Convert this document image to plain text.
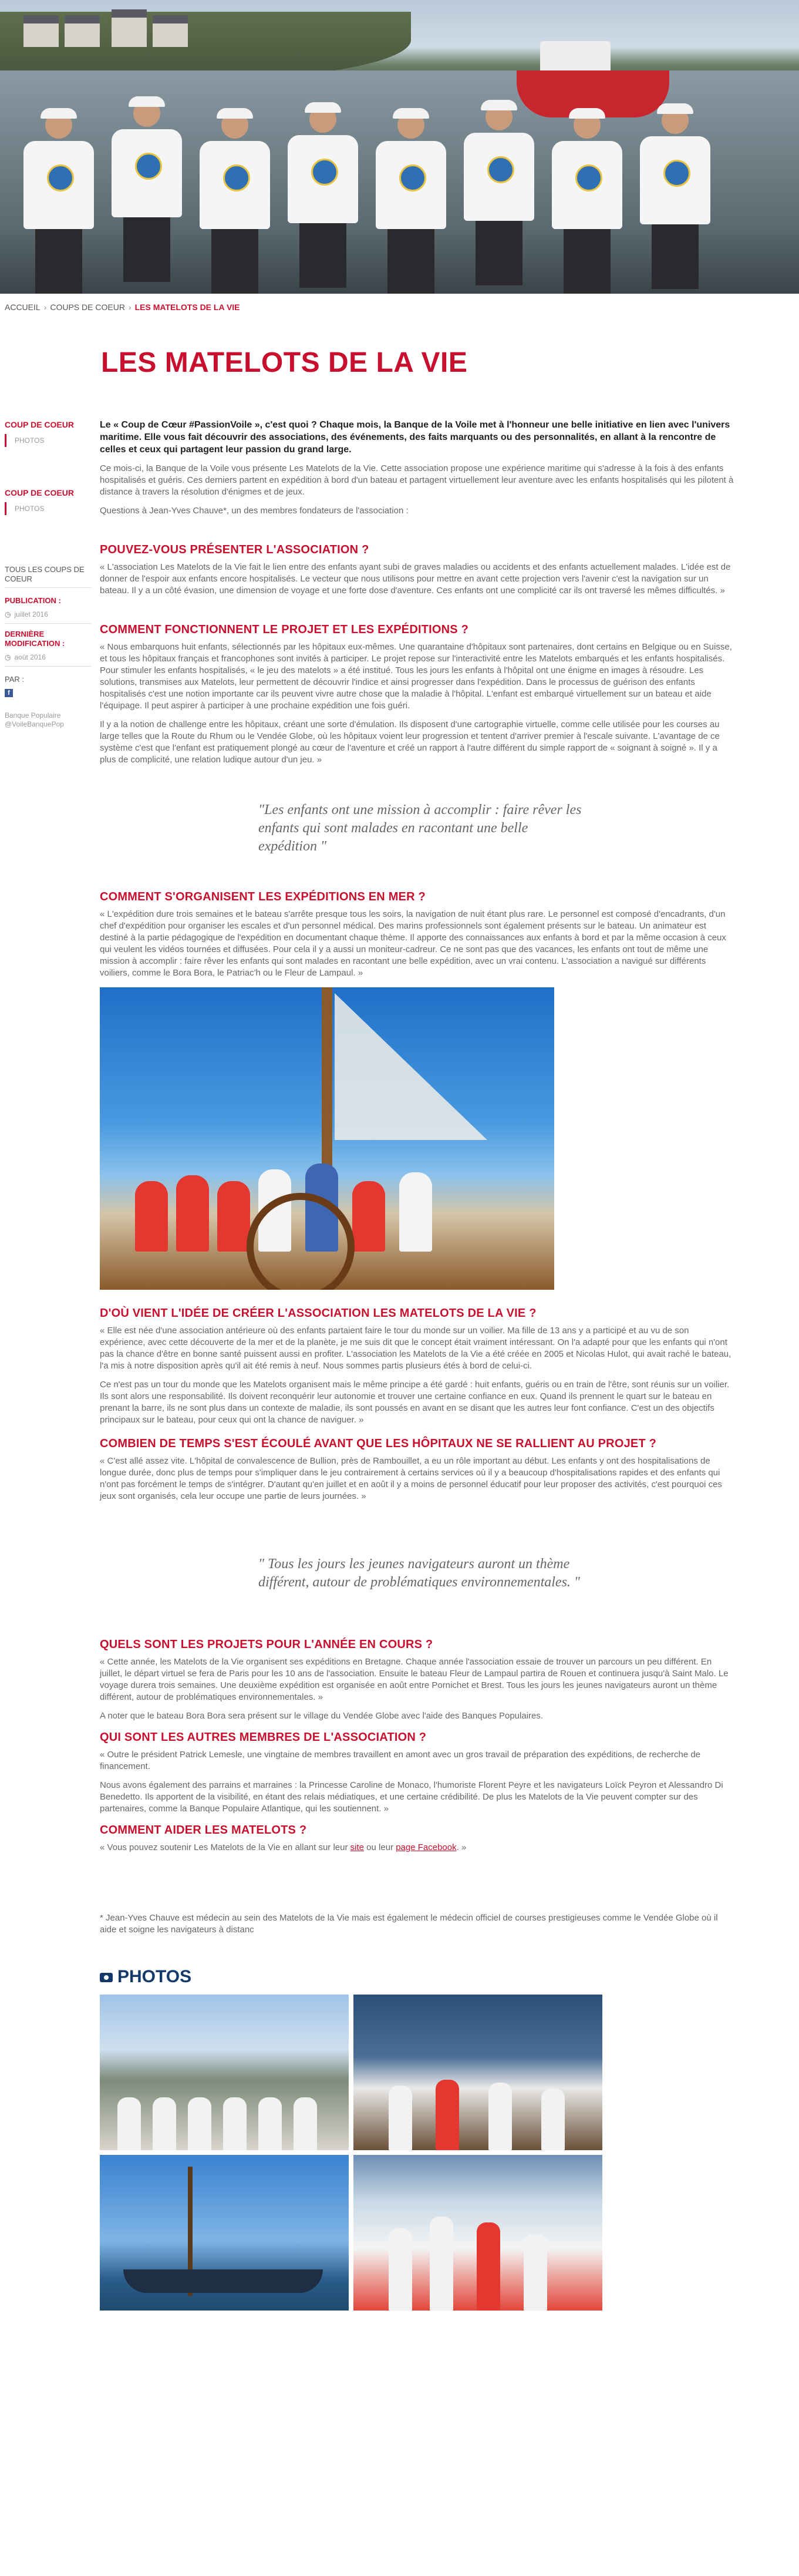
ACCUEIL › COUPS DE COEUR › LES MATELOTS DE LA VIE
LES MATELOTS DE LA VIE
COUP DE COEUR
PHOTOS
COUP DE COEUR
PHOTOS
TOUS LES COUPS DE COEUR
PUBLICATION :
◷ juillet 2016
DERNIÈRE MODIFICATION :
◷ août 2016
PAR :
f
Banque Populaire @VoileBanquePop

Le « Coup de Cœur #PassionVoile », c'est quoi ? Chaque mois, la Banque de la Voile met à l'honneur une belle initiative en lien avec l'univers maritime. Elle vous fait découvrir des associations, des événements, des faits marquants ou des personnalités, en allant à la rencontre de celles et ceux qui partagent leur passion du grand large.

Ce mois-ci, la Banque de la Voile vous présente Les Matelots de la Vie. Cette association propose une expérience maritime qui s'adresse à la fois à des enfants hospitalisés et guéris. Ces derniers partent en expédition à bord d'un bateau et partagent virtuellement leur aventure avec les enfants hospitalisés qui les pilotent à distance à travers la résolution d'énigmes et de jeux.

Questions à Jean-Yves Chauve*, un des membres fondateurs de l'association :

POUVEZ-VOUS PRÉSENTER L'ASSOCIATION ?

« L'association Les Matelots de la Vie fait le lien entre des enfants ayant subi de graves maladies ou accidents et des enfants actuellement malades. L'idée est de donner de l'espoir aux enfants encore hospitalisés. Le vecteur que nous utilisons pour mettre en avant cette projection vers l'avenir c'est la navigation sur un bateau. Il y a un côté évasion, une dimension de voyage et une forte dose d'aventure. Ces enfants ont une complicité car ils ont traversé les mêmes difficultés. »

COMMENT FONCTIONNENT LE PROJET ET LES EXPÉDITIONS ?

« Nous embarquons huit enfants, sélectionnés par les hôpitaux eux-mêmes. Une quarantaine d'hôpitaux sont partenaires, dont certains en Belgique ou en Suisse, et tous les hôpitaux français et francophones sont invités à participer. Le projet repose sur l'interactivité entre les Matelots embarqués et les enfants hospitalisés. Pour stimuler les enfants hospitalisés, « le jeu des matelots » a été institué. Tous les jours les enfants à l'hôpital ont une énigme en images à résoudre. Les solutions, transmises aux Matelots, leur permettent de découvrir l'indice et ainsi progresser dans l'expédition. Dans le processus de guérison des enfants hospitalisés c'est une notion importante car ils peuvent vivre autre chose que la maladie à l'hôpital. L'enfant est embarqué virtuellement sur un bateau et aide l'équipage. Il peut aspirer à participer à une prochaine expédition une fois guéri.

Il y a la notion de challenge entre les hôpitaux, créant une sorte d'émulation. Ils disposent d'une cartographie virtuelle, comme celle utilisée pour les courses au large telles que la Route du Rhum ou le Vendée Globe, où les hôpitaux voient leur progression et tentent d'arriver premier à l'escale suivante. L'avantage de ce système c'est que l'enfant est pratiquement plongé au cœur de l'aventure et créé un rapport à l'autre différent du simple rapport de « soignant à soigné ». Il y a plus de complicité, une relation ludique autour d'un jeu. »

"Les enfants ont une mission à accomplir : faire rêver les enfants qui sont malades en racontant une belle expédition "
COMMENT S'ORGANISENT LES EXPÉDITIONS EN MER ?

« L'expédition dure trois semaines et le bateau s'arrête presque tous les soirs, la navigation de nuit étant plus rare. Le personnel est composé d'encadrants, d'un chef d'expédition pour organiser les escales et d'un personnel médical. Des marins professionnels sont également présents sur le bateau. Un animateur est destiné à la partie pédagogique de l'expédition en documentant chaque thème. Il apporte des connaissances aux enfants à bord et par la même occasion à ceux qui veulent les vidéos tournées et diffusées. Pour cela il y a aussi un moniteur-cadreur. Ce ne sont pas que des vacances, les enfants ont tout de même une mission à accomplir : faire rêver les enfants qui sont malades en racontant une belle expédition, avec un vrai contenu. L'association a navigué sur différents voiliers, comme le Bora Bora, le Patriac'h ou le Fleur de Lampaul. »

D'OÙ VIENT L'IDÉE DE CRÉER L'ASSOCIATION LES MATELOTS DE LA VIE ?

« Elle est née d'une association antérieure où des enfants partaient faire le tour du monde sur un voilier. Ma fille de 13 ans y a participé et au vu de son expérience, avec cette découverte de la mer et de la planète, je me suis dit que le concept était vraiment intéressant. On l'a adapté pour que les enfants qui n'ont pas la chance d'être en bonne santé puissent aussi en profiter. L'association les Matelots de la Vie a été créée en 2005 et Nicolas Hulot, qui avait raché le bateau, l'a mis à notre disposition après qu'il ait été remis à neuf. Nous sommes partis plusieurs étés à bord de celui-ci.

Ce n'est pas un tour du monde que les Matelots organisent mais le même principe a été gardé : huit enfants, guéris ou en train de l'être, sont réunis sur un voilier. Ils sont alors une responsabilité. Ils doivent reconquérir leur autonomie et trouver une certaine confiance en eux. Quand ils prennent le quart sur le bateau en prenant la barre, ils ne sont plus dans un contexte de maladie, ils sont poussés en avant en se disant que les autres leur font confiance. C'est un des objectifs principaux sur le bateau, pour ceux qui ont la chance de naviguer. »

COMBIEN DE TEMPS S'EST ÉCOULÉ AVANT QUE LES HÔPITAUX NE SE RALLIENT AU PROJET ?

« C'est allé assez vite. L'hôpital de convalescence de Bullion, près de Rambouillet, a eu un rôle important au début. Les enfants y ont des hospitalisations de longue durée, donc plus de temps pour s'impliquer dans le jeu contrairement à certains services où il y a beaucoup d'hospitalisations rapides et des enfants qui n'ont pas forcément le temps de s'intégrer. D'autant qu'en juillet et en août il y a moins de personnel éducatif pour leur proposer des activités, c'est pourquoi ces jeux sont organisés, cela leur occupe une partie de leurs journées. »

" Tous les jours les jeunes navigateurs auront un thème différent, autour de problématiques environnementales. "
QUELS SONT LES PROJETS POUR L'ANNÉE EN COURS ?

« Cette année, les Matelots de la Vie organisent ses expéditions en Bretagne. Chaque année l'association essaie de trouver un parcours un peu différent. En juillet, le départ virtuel se fera de Paris pour les 10 ans de l'association. Ensuite le bateau Fleur de Lampaul partira de Rouen et continuera jusqu'à Saint Malo. Le voyage durera trois semaines. Une deuxième expédition est organisée en août entre Pornichet et Brest. Tous les jours les jeunes navigateurs auront un thème différent, autour de problématiques environnementales. »

A noter que le bateau Bora Bora sera présent sur le village du Vendée Globe avec l'aide des Banques Populaires.

QUI SONT LES AUTRES MEMBRES DE L'ASSOCIATION ?

« Outre le président Patrick Lemesle, une vingtaine de membres travaillent en amont avec un gros travail de préparation des expéditions, de recherche de financement.

Nous avons également des parrains et marraines : la Princesse Caroline de Monaco, l'humoriste Florent Peyre et les navigateurs Loïck Peyron et Alessandro Di Benedetto. Ils apportent de la visibilité, en étant des relais médiatiques, et une certaine crédibilité. De plus les Matelots de la Vie peuvent compter sur des partenaires, comme la Banque Populaire Atlantique, qui les soutiennent. »

COMMENT AIDER LES MATELOTS ?

« Vous pouvez soutenir Les Matelots de la Vie en allant sur leur site ou leur page Facebook. »

* Jean-Yves Chauve est médecin au sein des Matelots de la Vie mais est également le médecin officiel de courses prestigieuses comme le Vendée Globe où il aide et soigne les navigateurs à distanc

PHOTOS
